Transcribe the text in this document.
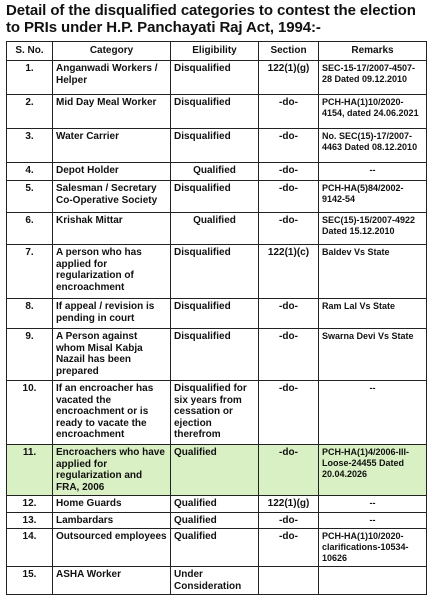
Detail of the disqualified categories to contest the election to PRIs under H.P. Panchayati Raj Act, 1994:-
S. No.	Category	Eligibility	Section	Remarks
1.	Anganwadi Workers / Helper	Disqualified	122(1)(g)	SEC-15-17/2007-4507-28 Dated 09.12.2010
2.	Mid Day Meal Worker	Disqualified	-do-	PCH-HA(1)10/2020-4154, dated 24.06.2021
3.	Water Carrier	Disqualified	-do-	No. SEC(15)-17/2007-4463 Dated 08.12.2010
4.	Depot Holder	Qualified	-do-	--
5.	Salesman / Secretary Co-Operative Society	Disqualified	-do-	PCH-HA(5)84/2002-9142-54
6.	Krishak Mittar	Qualified	-do-	SEC(15)-15/2007-4922 Dated 15.12.2010
7.	A person who has applied for regularization of encroachment	Disqualified	122(1)(c)	Baldev Vs State
8.	If appeal / revision is pending in court	Disqualified	-do-	Ram Lal Vs State
9.	A Person against whom Misal Kabja Nazail has been prepared	Disqualified	-do-	Swarna Devi Vs State
10.	If an encroacher has vacated the encroachment or is ready to vacate the encroachment	Disqualified for six years from cessation or ejection therefrom	-do-	--
11.	Encroachers who have applied for regularization and FRA, 2006	Qualified	-do-	PCH-HA(1)4/2006-III-Loose-24455 Dated 20.04.2026
12.	Home Guards	Qualified	122(1)(g)	--
13.	Lambardars	Qualified	-do-	--
14.	Outsourced employees	Qualified	-do-	PCH-HA(1)10/2020-clarifications-10534-10626
15.	ASHA Worker	Under Consideration		
